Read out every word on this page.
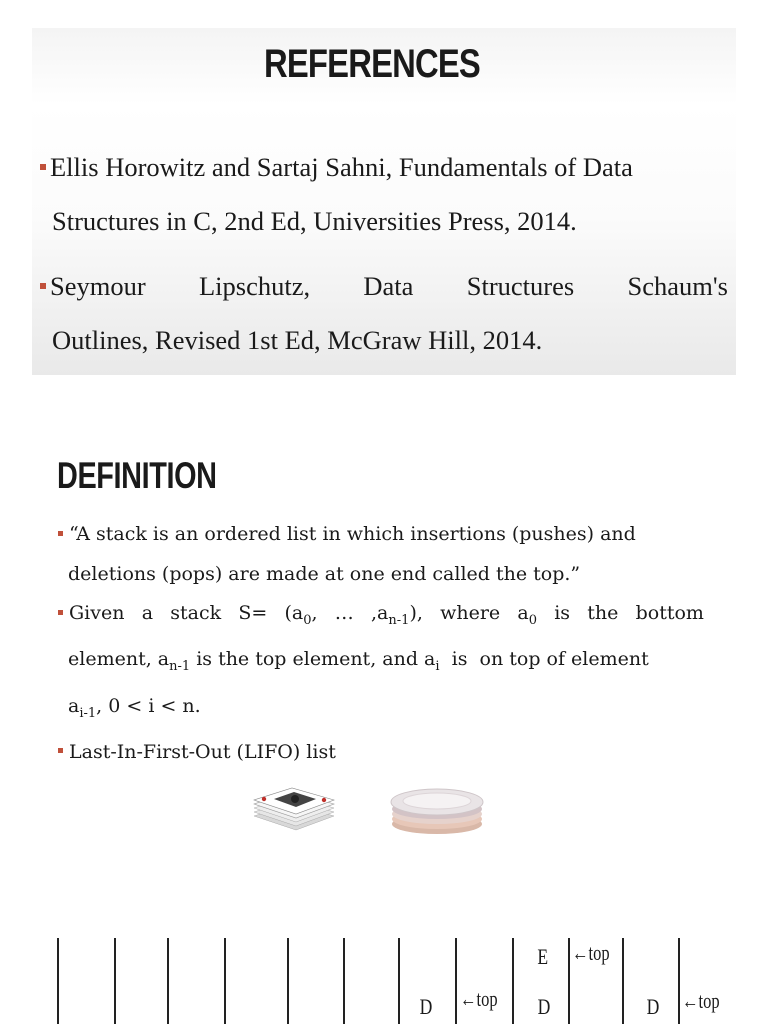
REFERENCES
Ellis Horowitz and Sartaj Sahni, Fundamentals of Data
Structures in C, 2nd Ed, Universities Press, 2014.
Seymour Lipschutz, Data Structures Schaum's
Outlines, Revised 1st Ed, McGraw Hill, 2014.
DEFINITION
“A stack is an ordered list in which insertions (pushes) and
deletions (pops) are made at one end called the top.”
Given a stack $S= (a_0$, … $,a_{n-1}$), where $a_0$ is the bottom
element, $a_{n-1}$ is the top element, and $a_i$  is  on top of element
$a_{i-1}$, 0 < i < n.
Last-In-First-Out (LIFO) list
D ←top
E
D
←top
D ←top
